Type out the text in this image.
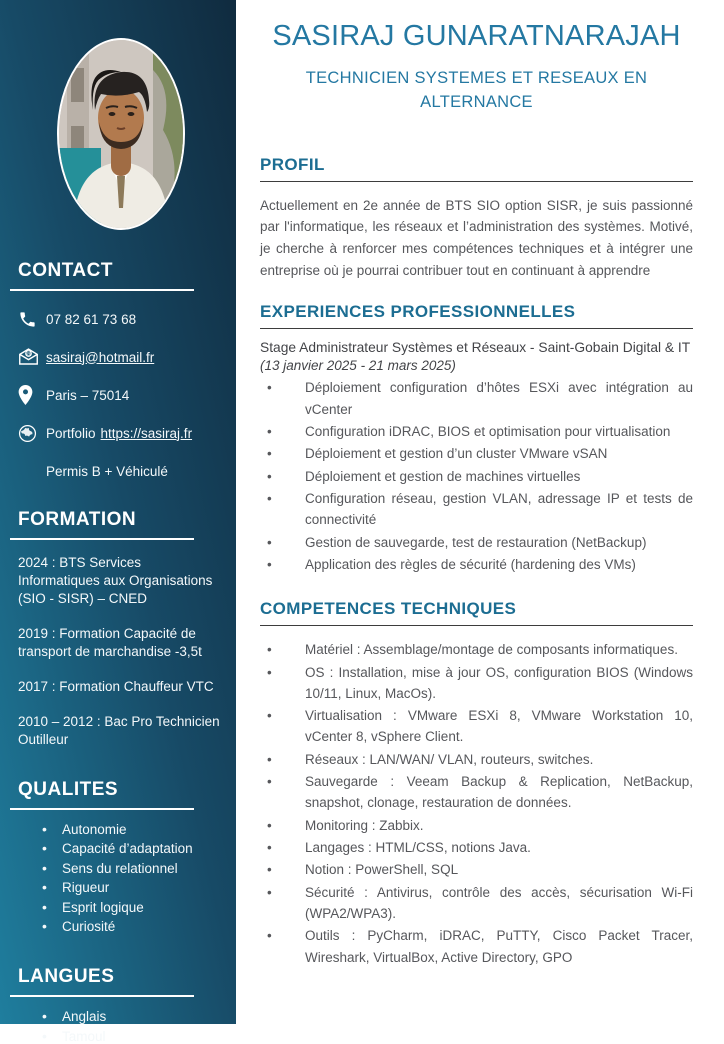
CONTACT
07 82 61 73 68
@ sasiraj@hotmail.fr
Paris – 75014
Portfolio https://sasiraj.fr
Permis B + Véhiculé
FORMATION
2024 : BTS Services Informatiques aux Organisations (SIO - SISR) – CNED
2019 : Formation Capacité de transport de marchandise -3,5t
2017 : Formation Chauffeur VTC
2010 – 2012 : Bac Pro Technicien Outilleur
QUALITES
• Autonomie
• Capacité d’adaptation
• Sens du relationnel
• Rigueur
• Esprit logique
• Curiosité
LANGUES
• Anglais
• Tamoul
SASIRAJ GUNARATNARAJAH
TECHNICIEN SYSTEMES ET RESEAUX EN ALTERNANCE
PROFIL

Actuellement en 2e année de BTS SIO option SISR, je suis passionné par l'informatique, les réseaux et l’administration des systèmes. Motivé, je cherche à renforcer mes compétences techniques et à intégrer une entreprise où je pourrai contribuer tout en continuant à apprendre

EXPERIENCES PROFESSIONNELLES
Stage Administrateur Systèmes et Réseaux - Saint-Gobain Digital & IT
(13 janvier 2025 - 21 mars 2025)
• Déploiement configuration d’hôtes ESXi avec intégration au vCenter
• Configuration iDRAC, BIOS et optimisation pour virtualisation
• Déploiement et gestion d’un cluster VMware vSAN
• Déploiement et gestion de machines virtuelles
• Configuration réseau, gestion VLAN, adressage IP et tests de connectivité
• Gestion de sauvegarde, test de restauration (NetBackup)
• Application des règles de sécurité (hardening des VMs)
COMPETENCES TECHNIQUES
• Matériel : Assemblage/montage de composants informatiques.
• OS : Installation, mise à jour OS, configuration BIOS (Windows 10/11, Linux, MacOs).
• Virtualisation : VMware ESXi 8, VMware Workstation 10, vCenter 8, vSphere Client.
• Réseaux : LAN/WAN/ VLAN, routeurs, switches.
• Sauvegarde : Veeam Backup & Replication, NetBackup, snapshot, clonage, restauration de données.
• Monitoring : Zabbix.
• Langages : HTML/CSS, notions Java.
• Notion : PowerShell, SQL
• Sécurité : Antivirus, contrôle des accès, sécurisation Wi-Fi (WPA2/WPA3).
• Outils : PyCharm, iDRAC, PuTTY, Cisco Packet Tracer, Wireshark, VirtualBox, Active Directory, GPO
